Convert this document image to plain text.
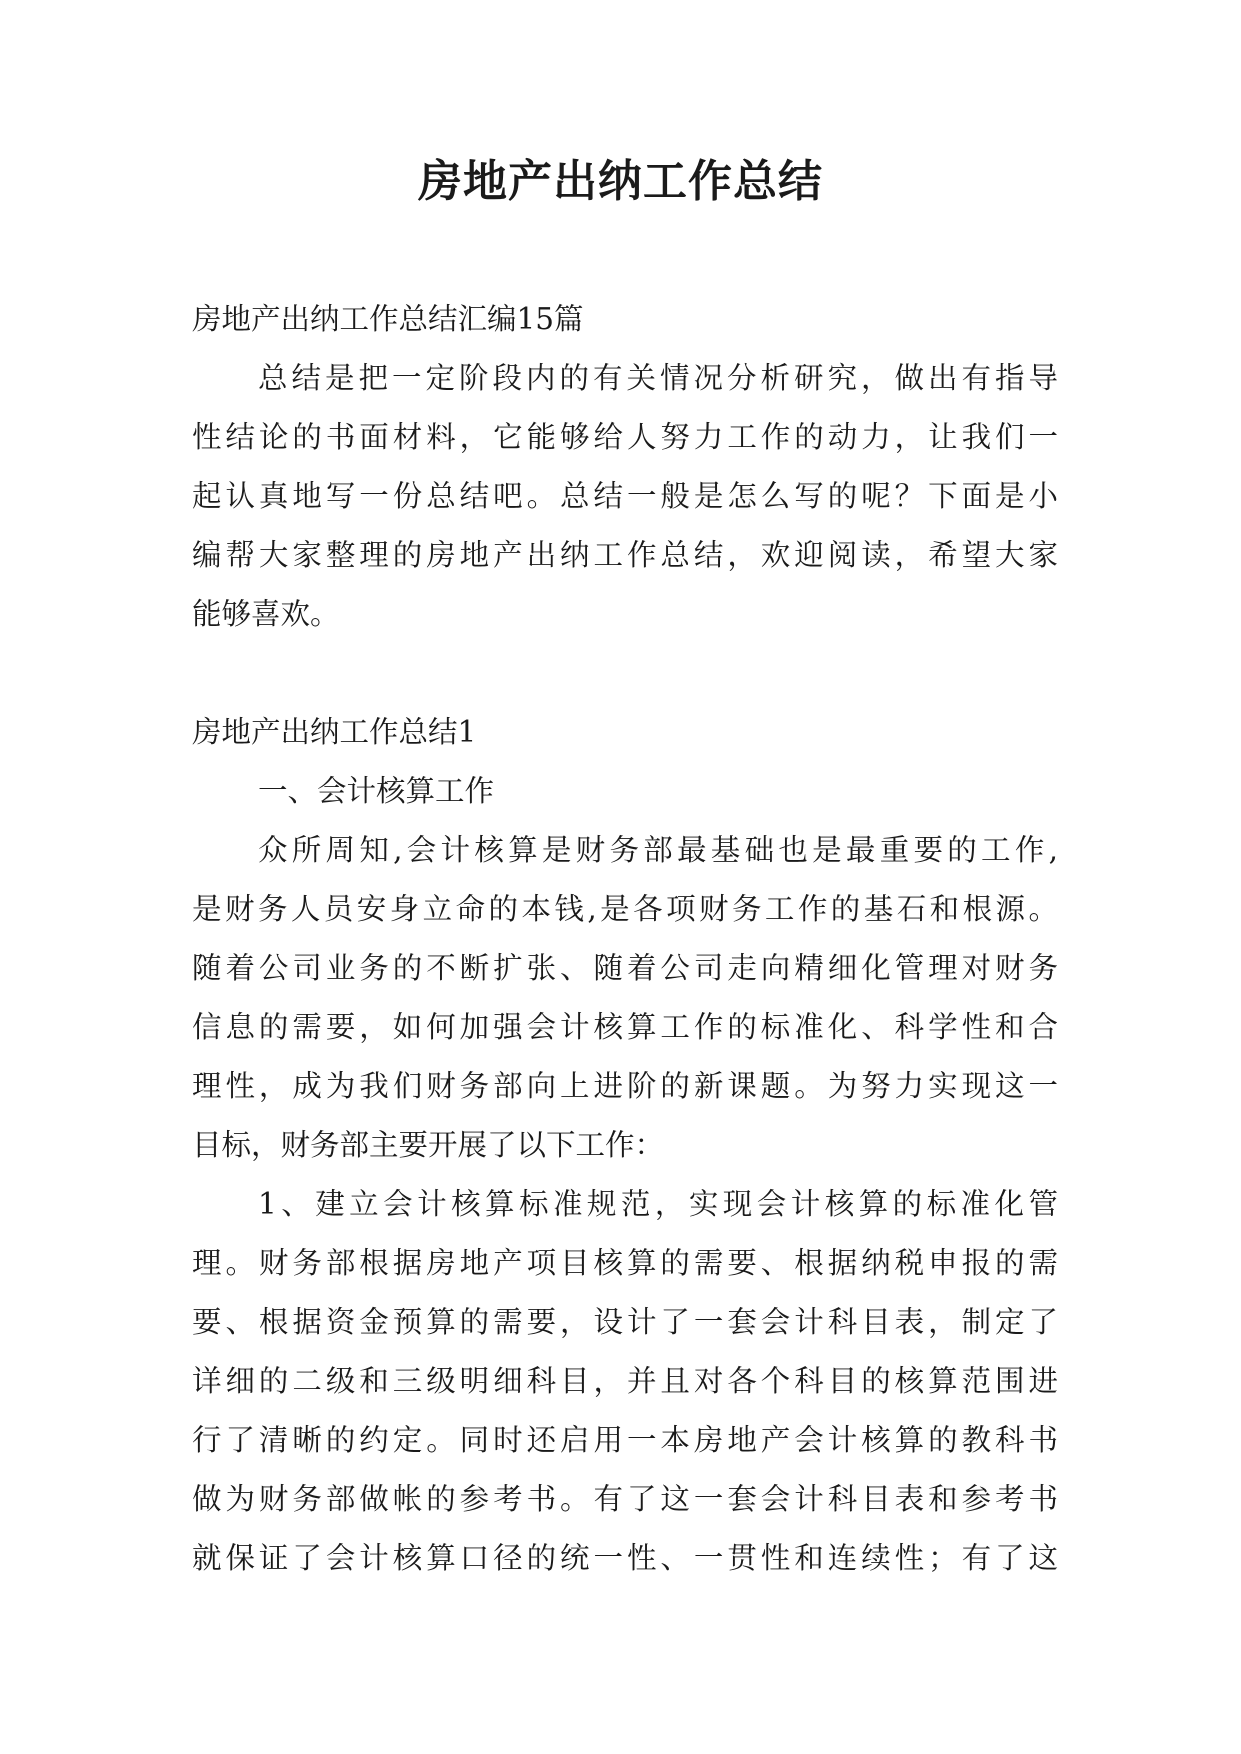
房地产出纳工作总结

房地产出纳工作总结汇编15篇

总结是把一定阶段内的有关情况分析研究，做出有指导

性结论的书面材料，它能够给人努力工作的动力，让我们一

起认真地写一份总结吧。总结一般是怎么写的呢？下面是小

编帮大家整理的房地产出纳工作总结，欢迎阅读，希望大家

能够喜欢。

房地产出纳工作总结1

一、会计核算工作

众所周知,会计核算是财务部最基础也是最重要的工作,

是财务人员安身立命的本钱,是各项财务工作的基石和根源。

随着公司业务的不断扩张、随着公司走向精细化管理对财务

信息的需要，如何加强会计核算工作的标准化、科学性和合

理性，成为我们财务部向上进阶的新课题。为努力实现这一

目标，财务部主要开展了以下工作：

1、建立会计核算标准规范，实现会计核算的标准化管

理。财务部根据房地产项目核算的需要、根据纳税申报的需

要、根据资金预算的需要，设计了一套会计科目表，制定了

详细的二级和三级明细科目，并且对各个科目的核算范围进

行了清晰的约定。同时还启用一本房地产会计核算的教科书

做为财务部做帐的参考书。有了这一套会计科目表和参考书

就保证了会计核算口径的统一性、一贯性和连续性；有了这
